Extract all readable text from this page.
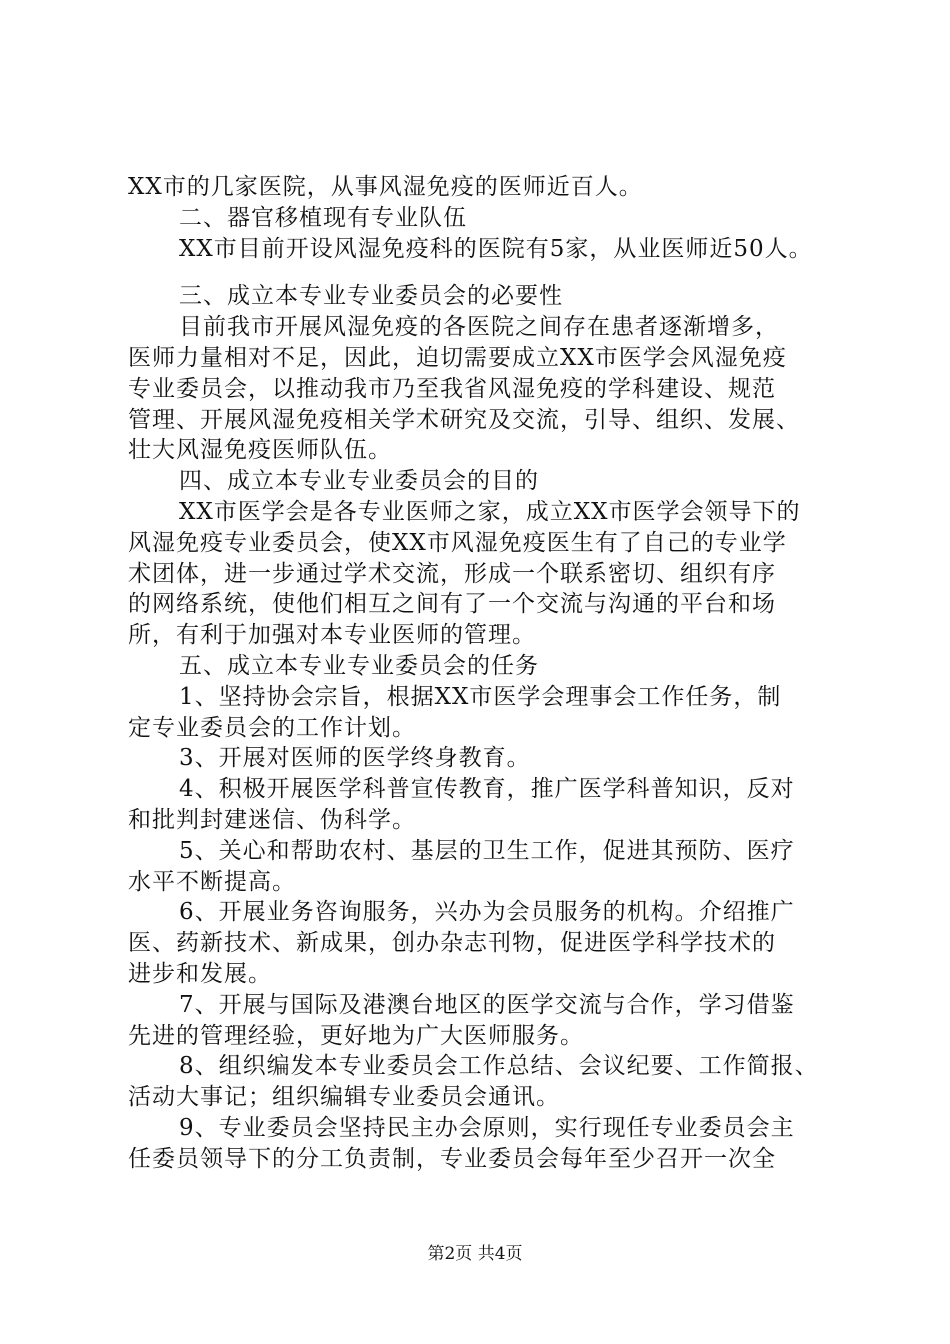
XX市的几家医院，从事风湿免疫的医师近百人。
二、器官移植现有专业队伍
XX市目前开设风湿免疫科的医院有5家，从业医师近50人。
三、成立本专业专业委员会的必要性
目前我市开展风湿免疫的各医院之间存在患者逐渐增多，
医师力量相对不足，因此，迫切需要成立XX市医学会风湿免疫
专业委员会，以推动我市乃至我省风湿免疫的学科建设、规范
管理、开展风湿免疫相关学术研究及交流，引导、组织、发展、
壮大风湿免疫医师队伍。
四、成立本专业专业委员会的目的
XX市医学会是各专业医师之家，成立XX市医学会领导下的
风湿免疫专业委员会，使XX市风湿免疫医生有了自己的专业学
术团体，进一步通过学术交流，形成一个联系密切、组织有序
的网络系统，使他们相互之间有了一个交流与沟通的平台和场
所，有利于加强对本专业医师的管理。
五、成立本专业专业委员会的任务
1、坚持协会宗旨，根据XX市医学会理事会工作任务，制
定专业委员会的工作计划。
3、开展对医师的医学终身教育。
4、积极开展医学科普宣传教育，推广医学科普知识，反对
和批判封建迷信、伪科学。
5、关心和帮助农村、基层的卫生工作，促进其预防、医疗
水平不断提高。
6、开展业务咨询服务，兴办为会员服务的机构。介绍推广
医、药新技术、新成果，创办杂志刊物，促进医学科学技术的
进步和发展。
7、开展与国际及港澳台地区的医学交流与合作，学习借鉴
先进的管理经验，更好地为广大医师服务。
8、组织编发本专业委员会工作总结、会议纪要、工作简报、
活动大事记；组织编辑专业委员会通讯。
9、专业委员会坚持民主办会原则，实行现任专业委员会主
任委员领导下的分工负责制，专业委员会每年至少召开一次全
第2页 共4页
